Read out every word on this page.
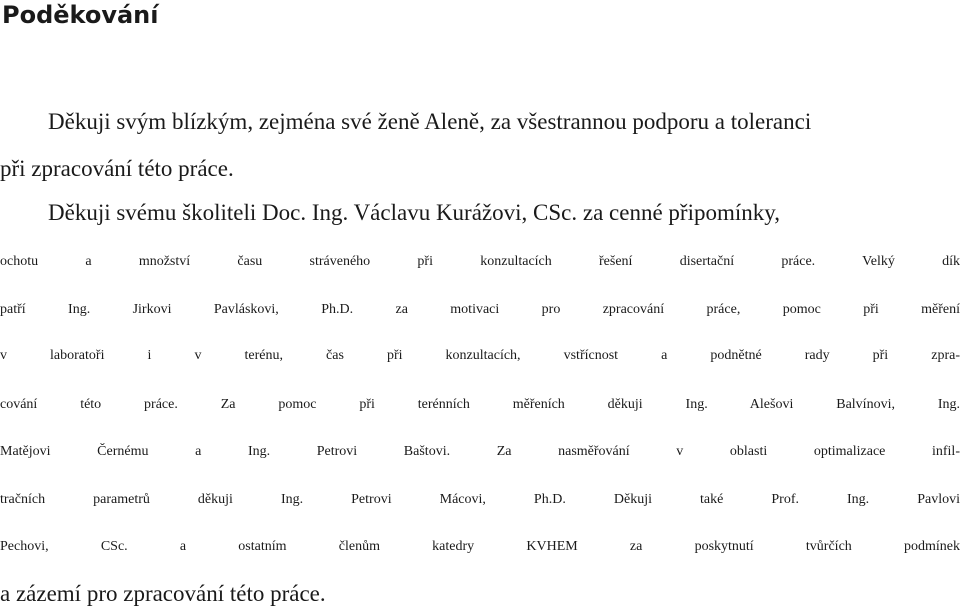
Poděkování
Děkuji svým blízkým, zejména své ženě Aleně, za všestrannou podporu a toleranci
při zpracování této práce.
Děkuji svému školiteli Doc. Ing. Václavu Kurážovi, CSc. za cenné připomínky,
ochotu a množství času stráveného při konzultacích řešení disertační práce. Velký dík
patří Ing. Jirkovi Pavláskovi, Ph.D. za motivaci pro zpracování práce, pomoc při měření
v laboratoři i v terénu, čas při konzultacích, vstřícnost a podnětné rady při zpra-
cování této práce. Za pomoc při terénních měřeních děkuji Ing. Alešovi Balvínovi, Ing.
Matějovi Černému a Ing. Petrovi Baštovi. Za nasměřování v oblasti optimalizace infil-
tračních parametrů děkuji Ing. Petrovi Mácovi, Ph.D. Děkuji také Prof. Ing. Pavlovi
Pechovi, CSc. a ostatním členům katedry KVHEM za poskytnutí tvůrčích podmínek
a zázemí pro zpracování této práce.
